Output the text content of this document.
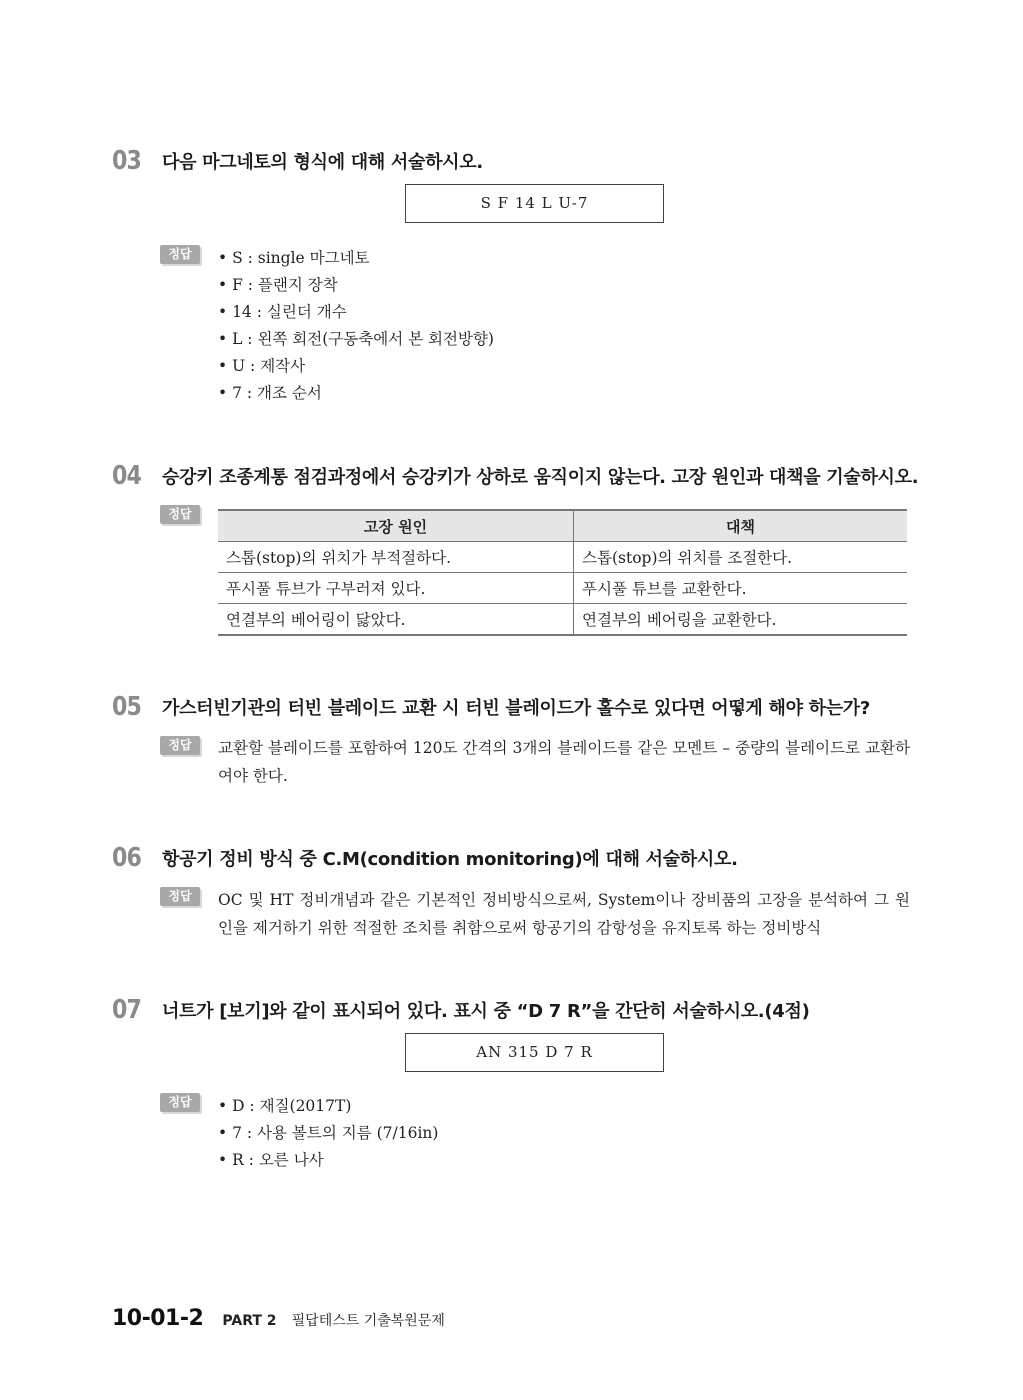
03 다음 마그네토의 형식에 대해 서술하시오.
S F 14 L U-7
정답	• S : single 마그네토
• F : 플랜지 장착
• 14 : 실린더 개수
• L : 왼쪽 회전(구동축에서 본 회전방향)
• U : 제작사
• 7 : 개조 순서
04 승강키 조종계통 점검과정에서 승강키가 상하로 움직이지 않는다. 고장 원인과 대책을 기술하시오.
정답
고장 원인	대책
스톱(stop)의 위치가 부적절하다.	스톱(stop)의 위치를 조절한다.
푸시풀 튜브가 구부러져 있다.	푸시풀 튜브를 교환한다.
연결부의 베어링이 닳았다.	연결부의 베어링을 교환한다.
05 가스터빈기관의 터빈 블레이드 교환 시 터빈 블레이드가 홀수로 있다면 어떻게 해야 하는가?
정답	교환할 블레이드를 포함하여 120도 간격의 3개의 블레이드를 같은 모멘트 – 중량의 블레이드로 교환하여야 한다.
06 항공기 정비 방식 중 C.M(condition monitoring)에 대해 서술하시오.
정답	OC 및 HT 정비개념과 같은 기본적인 정비방식으로써, System이나 장비품의 고장을 분석하여 그 원인을 제거하기 위한 적절한 조치를 취함으로써 항공기의 감항성을 유지토록 하는 정비방식
07 너트가 [보기]와 같이 표시되어 있다. 표시 중 “D 7 R”을 간단히 서술하시오.(4점)
AN 315 D 7 R
정답	• D : 재질(2017T)
• 7 : 사용 볼트의 지름 (7/16in)
• R : 오른 나사
10-01-2 PART 2 필답테스트 기출복원문제
